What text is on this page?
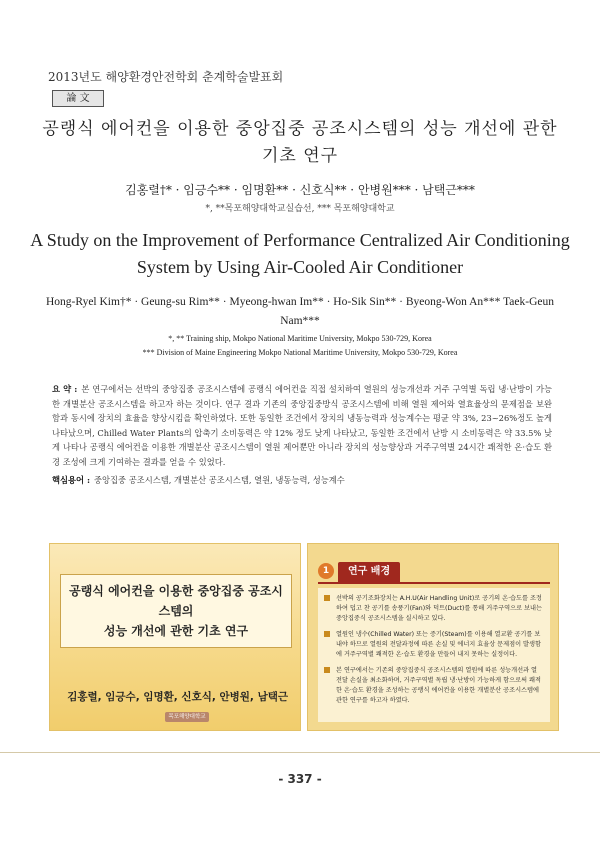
2013년도 해양환경안전학회 춘계학술발표회
論 文
공랭식 에어컨을 이용한 중앙집중 공조시스템의 성능 개선에 관한 기초 연구
김홍렬†* · 임긍수** · 임명환** · 신호식** · 안병원*** · 남택근***
*, **목포해양대학교실습선, *** 목포해양대학교
A Study on the Improvement of Performance Centralized Air Conditioning System by Using Air-Cooled Air Conditioner
Hong-Ryel Kim†* · Geung-su Rim** · Myeong-hwan Im** · Ho-Sik Sin** · Byeong-Won An*** Taek-Geun Nam***
*, ** Training ship, Mokpo National Maritime University, Mokpo 530-729, Korea
*** Division of Maine Engineering Mokpo National Maritime University, Mokpo 530-729, Korea
요 약 : 본 연구에서는 선박의 중앙집중 공조시스템에 공랭식 에어컨을 직접 설치하여 열원의 성능개선과 거주 구역별 독립 냉·난방이 가능한 개별분산 공조시스템을 하고자 하는 것이다. 연구 결과 기존의 중앙집중방식 공조시스템에 비해 열원 제어와 열효율상의 문제점을 보완함과 동시에 장치의 효율을 향상시킴을 확인하였다. 또한 동일한 조건에서 장치의 냉동능력과 성능계수는 평균 약 3%, 23~26%정도 높게 나타났으며, Chilled Water Plants의 압축기 소비동력은 약 12% 정도 낮게 나타났고, 동일한 조건에서 난방 시 소비동력은 약 33.5% 낮게 나타나 공랭식 에어컨을 이용한 개별분산 공조시스템이 열원 제어뿐만 아니라 장치의 성능향상과 거주구역별 24시간 쾌적한 온·습도 환경 조성에 크게 기여하는 결과를 얻을 수 있었다.
핵심용어 : 중앙집중 공조시스템, 개별분산 공조시스템, 열원, 냉동능력, 성능계수
공랭식 에어컨을 이용한 중앙집중 공조시스템의
성능 개선에 관한 기초 연구
김홍렬, 임긍수, 임명환, 신호식, 안병원, 남택근
목포해양대학교
1	연구 배경
선박의 공기조화장치는 A.H.U(Air Handling Unit)로 공기의 온·습도를 조정하여 덥고 찬 공기를 송풍기(Fan)와 덕트(Duct)를 통해 거주구역으로 보내는 중앙집중식 공조시스템을 실시하고 있다.
열원인 냉수(Chilled Water) 또는 증기(Steam)를 이용해 열교환 공기를 보내야 하므로 열원의 전달과정에 따른 손실 및 에너지 효율상 문제점이 발생함에 거주구역별 쾌적한 온·습도 환경을 만들어 내지 못하는 실정이다.
본 연구에서는 기존의 중앙집중식 공조시스템의 열원에 따른 성능개선과 열 전달 손실을 최소화하며, 거주구역별 독립 냉·난방이 가능하게 함으로써 쾌적한 온·습도 환경을 조성하는 공랭식 에어컨을 이용한 개별분산 공조시스템에 관한 연구를 하고자 하였다.
- 337 -
